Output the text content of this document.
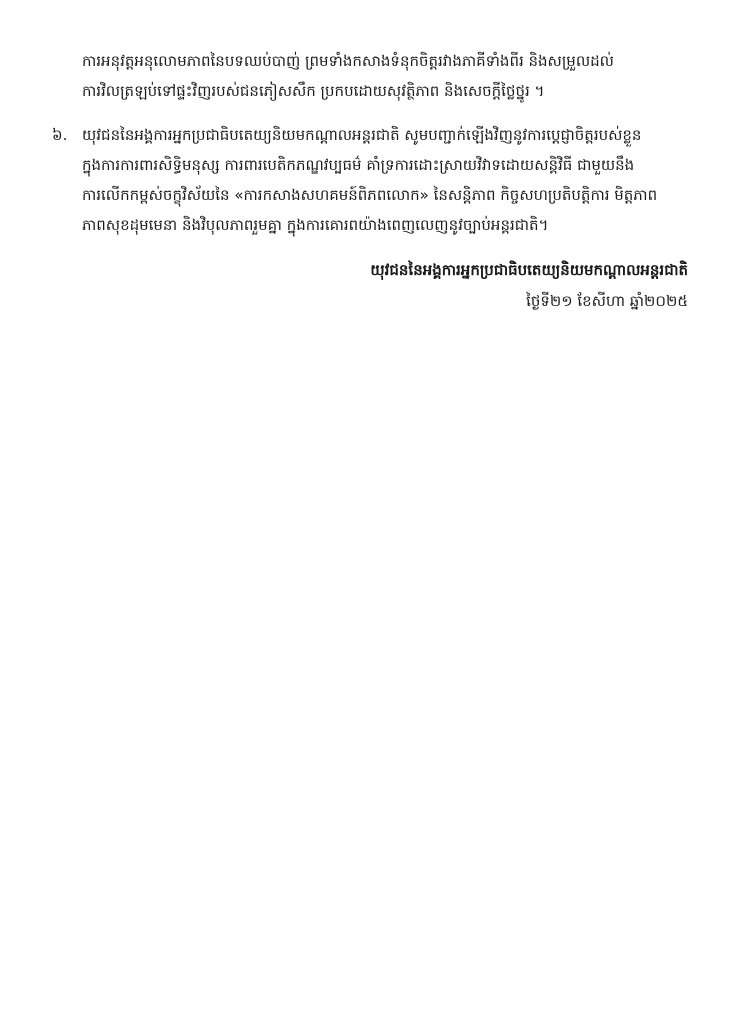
ការអនុវត្តអនុលោមភាពនៃបទឈប់បាញ់ ព្រមទាំងកសាងទំនុកចិត្តរវាងភាគីទាំងពីរ និងសម្រួលដល់
ការវិលត្រឡប់ទៅផ្ទះវិញរបស់ជនភៀសសឹក ប្រកបដោយសុវត្ថិភាព និងសេចក្តីថ្លៃថ្នូរ ។
៦. យុវជននៃអង្គការអ្នកប្រជាធិបតេយ្យនិយមកណ្តាលអន្តរជាតិ សូមបញ្ជាក់ឡើងវិញនូវការប្តេជ្ញាចិត្តរបស់ខ្លួន
ក្នុងការការពារសិទ្ធិមនុស្ស ការពារបេតិកភណ្ឌវប្បធម៌ គាំទ្រការដោះស្រាយវិវាទដោយសន្តិវិធី ជាមួយនឹង
ការលើកកម្ពស់ចក្ខុវិស័យនៃ «ការកសាងសហគមន៍ពិភពលោក» នៃសន្តិភាព កិច្ចសហប្រតិបត្តិការ មិត្តភាព
ភាពសុខដុមមេនា និងវិបុលភាពរួមគ្នា ក្នុងការគោរពយ៉ាងពេញលេញនូវច្បាប់អន្តរជាតិ។
យុវជននៃអង្គការអ្នកប្រជាធិបតេយ្យនិយមកណ្តាលអន្តរជាតិ
ថ្ងៃទី២១ ខែសីហា ឆ្នាំ២០២៥
